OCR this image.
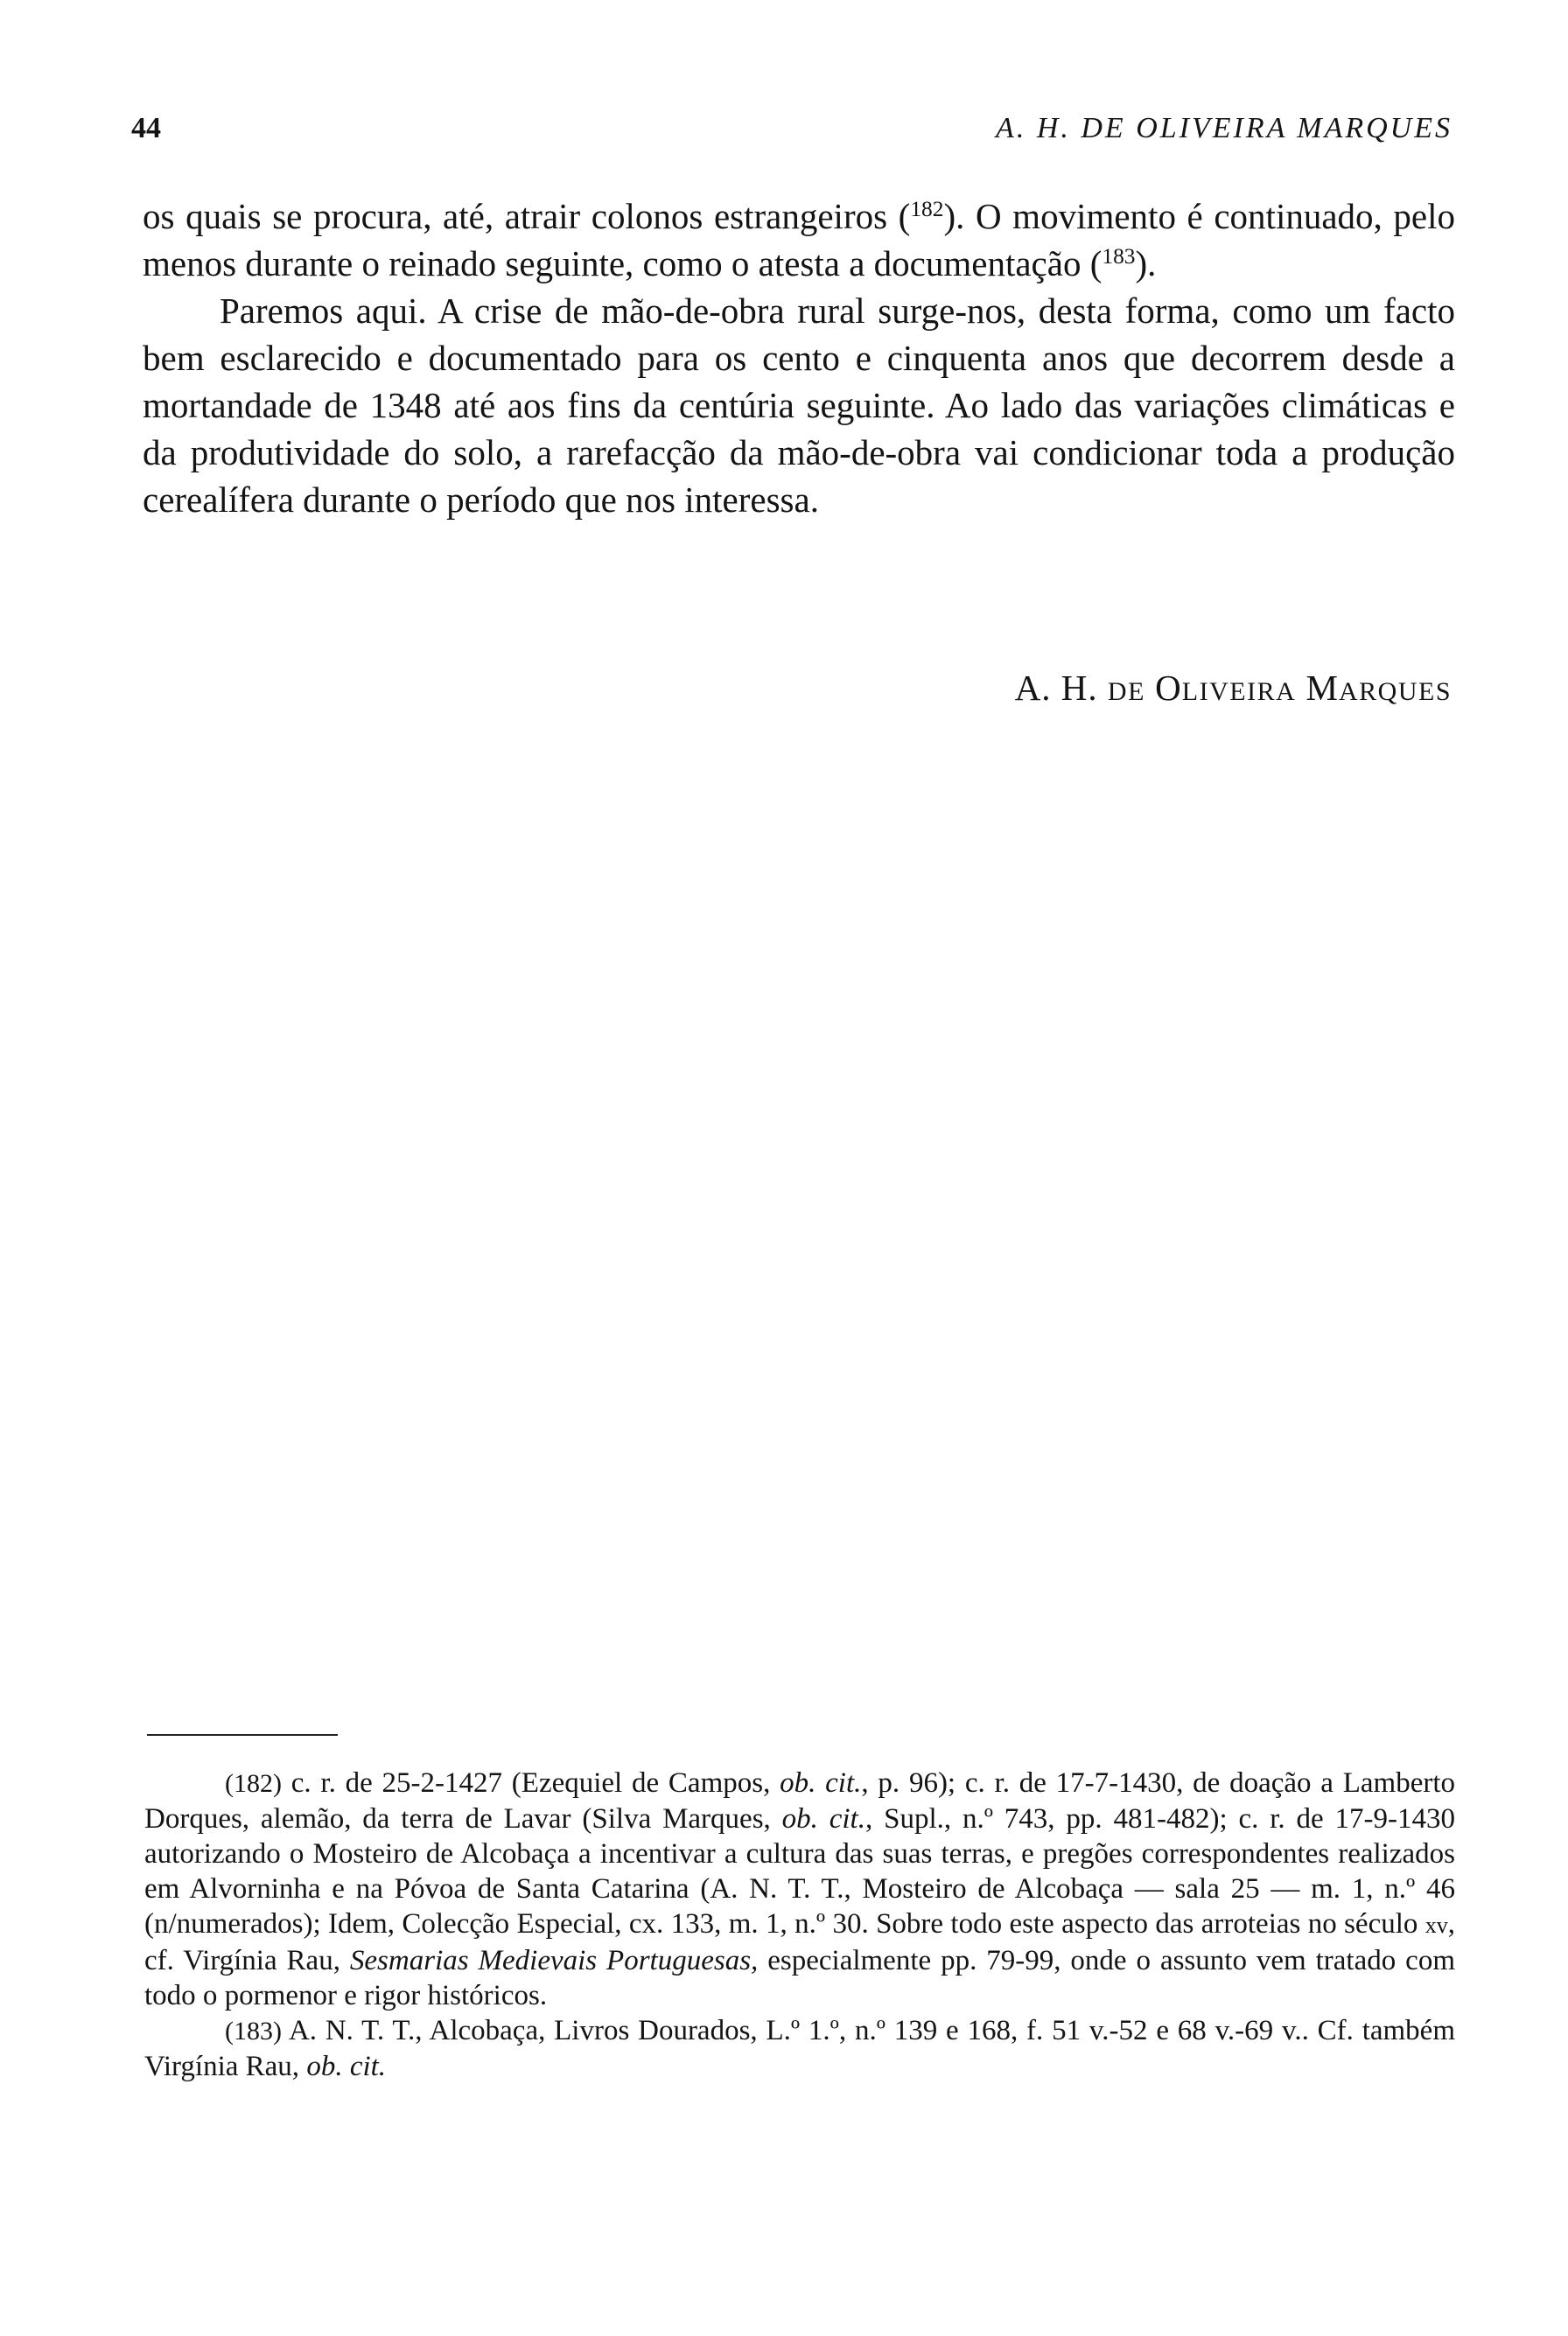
44	A. H. DE OLIVEIRA MARQUES

os quais se procura, até, atrair colonos estrangeiros ($^{182}$). O movimento é continuado, pelo menos durante o reinado seguinte, como o atesta a documentação ($^{183}$).

Paremos aqui. A crise de mão-de-obra rural surge-nos, desta forma, como um facto bem esclarecido e documentado para os cento e cinquenta anos que decorrem desde a mortandade de 1348 até aos fins da centúria seguinte. Ao lado das variações climáticas e da produtividade do solo, a rarefacção da mão-de-obra vai condicionar toda a produção cerealífera durante o período que nos interessa.

A. H. DE OLIVEIRA MARQUES

(182) c. r. de 25-2-1427 (Ezequiel de Campos, ob. cit., p. 96); c. r. de 17-7-1430, de doação a Lamberto Dorques, alemão, da terra de Lavar (Silva Marques, ob. cit., Supl., n.º 743, pp. 481-482); c. r. de 17-9-1430 autorizando o Mosteiro de Alcobaça a incentivar a cultura das suas terras, e pregões correspondentes realizados em Alvorninha e na Póvoa de Santa Catarina (A. N. T. T., Mosteiro de Alcobaça — sala 25 — m. 1, n.º 46 (n/numerados); Idem, Colecção Especial, cx. 133, m. 1, n.º 30. Sobre todo este aspecto das arroteias no século xv, cf. Virgínia Rau, Sesmarias Medievais Portuguesas, especialmente pp. 79-99, onde o assunto vem tratado com todo o pormenor e rigor históricos.

(183) A. N. T. T., Alcobaça, Livros Dourados, L.º 1.º, n.º 139 e 168, f. 51 v.-52 e 68 v.-69 v.. Cf. também Virgínia Rau, ob. cit.
